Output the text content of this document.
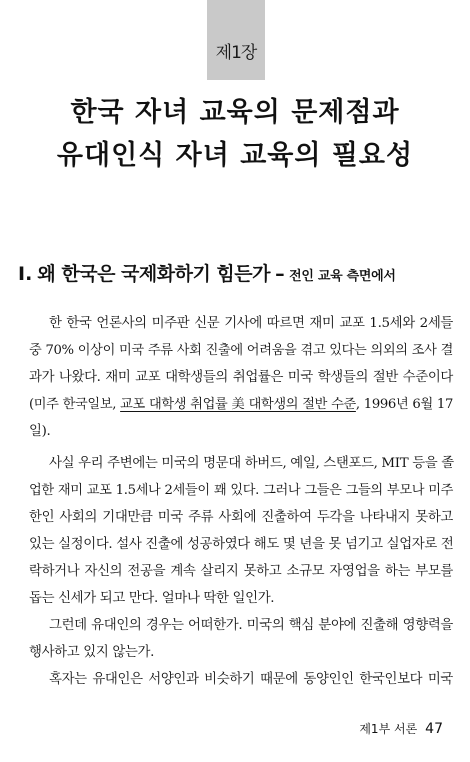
제1장
한국 자녀 교육의 문제점과
유대인식 자녀 교육의 필요성
Ⅰ. 왜 한국은 국제화하기 힘든가 – 전인 교육 측면에서
한 한국 언론사의 미주판 신문 기사에 따르면 재미 교포 1.5세와 2세들
중 70% 이상이 미국 주류 사회 진출에 어려움을 겪고 있다는 의외의 조사 결
과가 나왔다. 재미 교포 대학생들의 취업률은 미국 학생들의 절반 수준이다
(미주 한국일보, 교포 대학생 취업률 美 대학생의 절반 수준, 1996년 6월 17
일).
사실 우리 주변에는 미국의 명문대 하버드, 예일, 스탠포드, MIT 등을 졸
업한 재미 교포 1.5세나 2세들이 꽤 있다. 그러나 그들은 그들의 부모나 미주
한인 사회의 기대만큼 미국 주류 사회에 진출하여 두각을 나타내지 못하고
있는 실정이다. 설사 진출에 성공하였다 해도 몇 년을 못 넘기고 실업자로 전
락하거나 자신의 전공을 계속 살리지 못하고 소규모 자영업을 하는 부모를
돕는 신세가 되고 만다. 얼마나 딱한 일인가.
그런데 유대인의 경우는 어떠한가. 미국의 핵심 분야에 진출해 영향력을
행사하고 있지 않는가.
혹자는 유대인은 서양인과 비슷하기 때문에 동양인인 한국인보다 미국
제1부 서론 47
